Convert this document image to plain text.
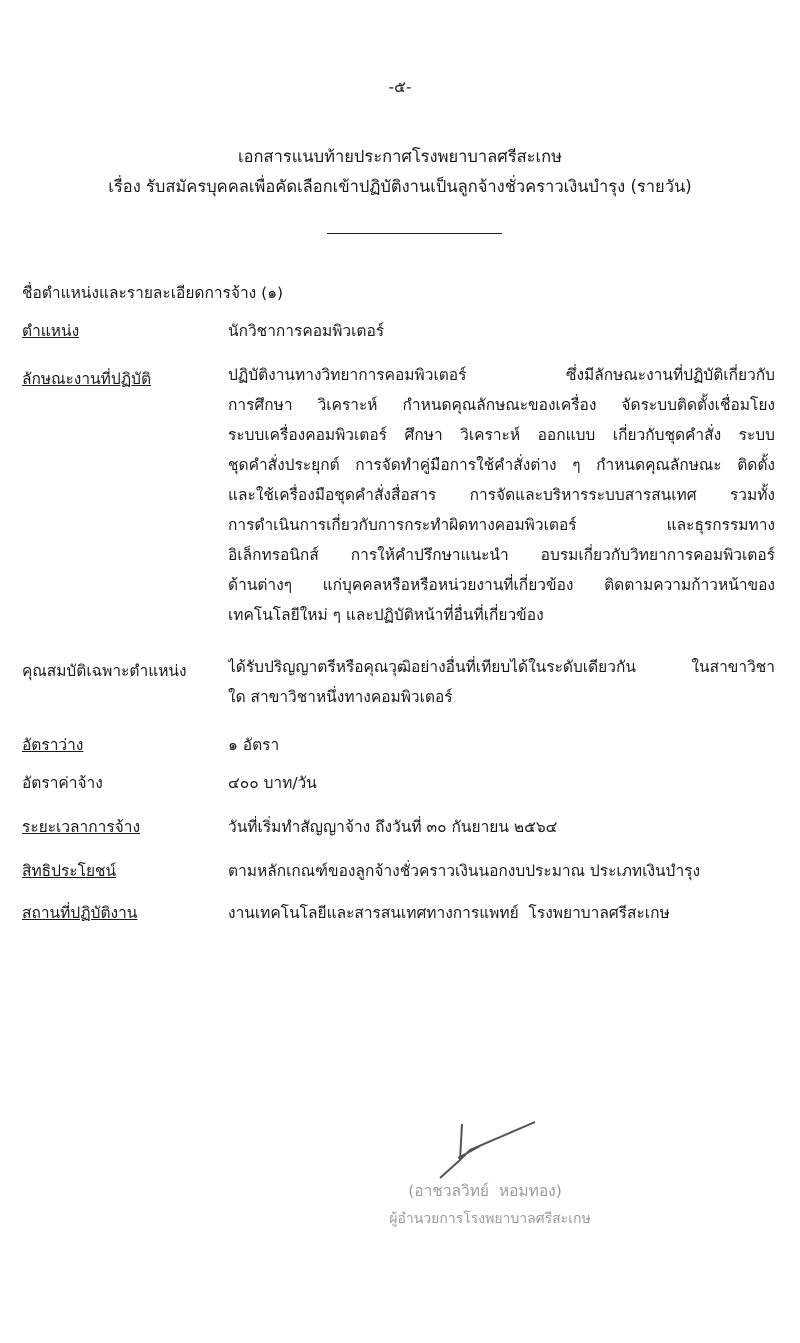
-๕-
เอกสารแนบท้ายประกาศโรงพยาบาลศรีสะเกษ
เรื่อง รับสมัครบุคคลเพื่อคัดเลือกเข้าปฏิบัติงานเป็นลูกจ้างชั่วคราวเงินบำรุง (รายวัน)
ชื่อตำแหน่งและรายละเอียดการจ้าง (๑)
ตำแหน่ง	นักวิชาการคอมพิวเตอร์
ลักษณะงานที่ปฏิบัติ	ปฏิบัติงานทางวิทยาการคอมพิวเตอร์ ซึ่งมีลักษณะงานที่ปฏิบัติเกี่ยวกับ
การศึกษา วิเคราะห์ กำหนดคุณลักษณะของเครื่อง จัดระบบติดตั้งเชื่อมโยง
ระบบเครื่องคอมพิวเตอร์ ศึกษา วิเคราะห์ ออกแบบ เกี่ยวกับชุดคำสั่ง ระบบ
ชุดคำสั่งประยุกต์ การจัดทำคู่มือการใช้คำสั่งต่าง ๆ กำหนดคุณลักษณะ ติดตั้ง
และใช้เครื่องมือชุดคำสั่งสื่อสาร การจัดและบริหารระบบสารสนเทศ รวมทั้ง
การดำเนินการเกี่ยวกับการกระทำผิดทางคอมพิวเตอร์ และธุรกรรมทาง
อิเล็กทรอนิกส์ การให้คำปรึกษาแนะนำ อบรมเกี่ยวกับวิทยาการคอมพิวเตอร์
ด้านต่างๆ แก่บุคคลหรือหรือหน่วยงานที่เกี่ยวข้อง ติดตามความก้าวหน้าของ
เทคโนโลยีใหม่ ๆ และปฏิบัติหน้าที่อื่นที่เกี่ยวข้อง
คุณสมบัติเฉพาะตำแหน่ง	ได้รับปริญญาตรีหรือคุณวุฒิอย่างอื่นที่เทียบได้ในระดับเดียวกัน ในสาขาวิชา
ใด สาขาวิชาหนึ่งทางคอมพิวเตอร์
อัตราว่าง	๑ อัตรา
อัตราค่าจ้าง	๔๐๐ บาท/วัน
ระยะเวลาการจ้าง	วันที่เริ่มทำสัญญาจ้าง ถึงวันที่ ๓๐ กันยายน ๒๕๖๔
สิทธิประโยชน์	ตามหลักเกณฑ์ของลูกจ้างชั่วคราวเงินนอกงบประมาณ ประเภทเงินบำรุง
สถานที่ปฏิบัติงาน	งานเทคโนโลยีและสารสนเทศทางการแพทย์  โรงพยาบาลศรีสะเกษ
(อาชวลวิทย์  หอมทอง)
ผู้อำนวยการโรงพยาบาลศรีสะเกษ
